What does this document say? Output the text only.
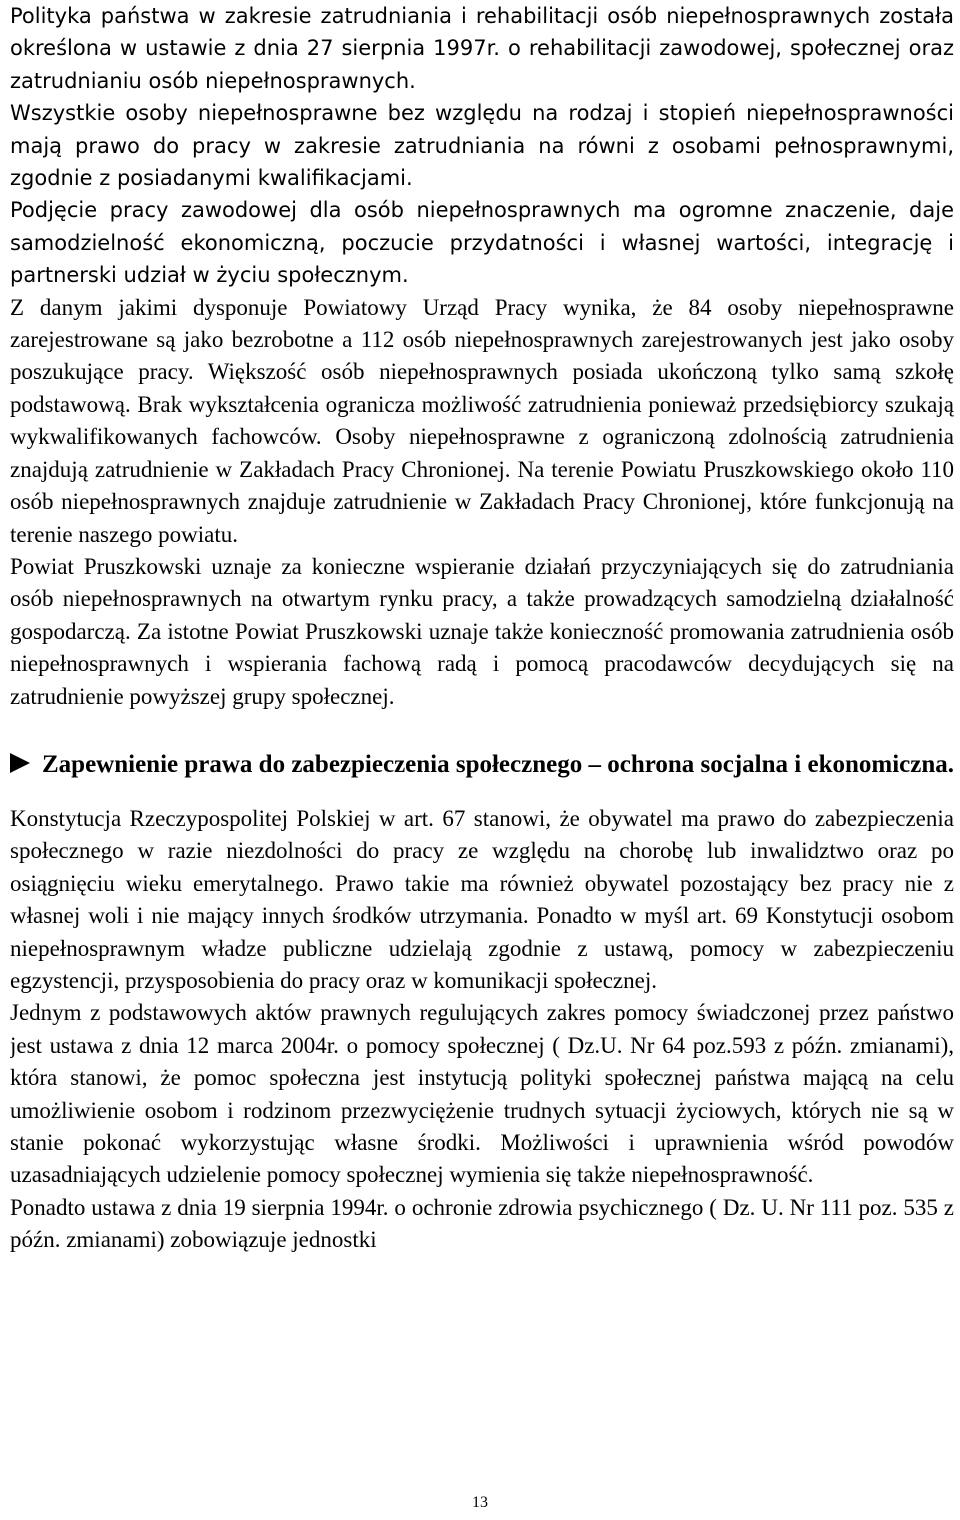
Polityka państwa w zakresie zatrudniania i rehabilitacji osób niepełnosprawnych została określona w ustawie z dnia 27 sierpnia 1997r. o rehabilitacji zawodowej, społecznej oraz zatrudnianiu osób niepełnosprawnych.

Wszystkie osoby niepełnosprawne bez względu na rodzaj i stopień niepełnosprawności mają prawo do pracy w zakresie zatrudniania na równi z osobami pełnosprawnymi, zgodnie z posiadanymi kwalifikacjami.

Podjęcie pracy zawodowej dla osób niepełnosprawnych ma ogromne znaczenie, daje samodzielność ekonomiczną, poczucie przydatności i własnej wartości, integrację i partnerski udział w życiu społecznym.

Z danym jakimi dysponuje Powiatowy Urząd Pracy wynika, że 84 osoby niepełnosprawne zarejestrowane są jako bezrobotne a 112 osób niepełnosprawnych zarejestrowanych jest jako osoby poszukujące pracy. Większość osób niepełnosprawnych posiada ukończoną tylko samą szkołę podstawową. Brak wykształcenia ogranicza możliwość zatrudnienia ponieważ przedsiębiorcy szukają wykwalifikowanych fachowców. Osoby niepełnosprawne z ograniczoną zdolnością zatrudnienia znajdują zatrudnienie w Zakładach Pracy Chronionej. Na terenie Powiatu Pruszkowskiego około 110 osób niepełnosprawnych znajduje zatrudnienie w Zakładach Pracy Chronionej, które funkcjonują na terenie naszego powiatu.

Powiat Pruszkowski uznaje za konieczne wspieranie działań przyczyniających się do zatrudniania osób niepełnosprawnych na otwartym rynku pracy, a także prowadzących samodzielną działalność gospodarczą. Za istotne Powiat Pruszkowski uznaje także konieczność promowania zatrudnienia osób niepełnosprawnych i wspierania fachową radą i pomocą pracodawców decydujących się na zatrudnienie powyższej grupy społecznej.

Zapewnienie prawa do zabezpieczenia społecznego – ochrona socjalna i ekonomiczna.

Konstytucja Rzeczypospolitej Polskiej w art. 67 stanowi, że obywatel ma prawo do zabezpieczenia społecznego w razie niezdolności do pracy ze względu na chorobę lub inwalidztwo oraz po osiągnięciu wieku emerytalnego. Prawo takie ma również obywatel pozostający bez pracy nie z własnej woli i nie mający innych środków utrzymania. Ponadto w myśl art. 69 Konstytucji osobom niepełnosprawnym władze publiczne udzielają zgodnie z ustawą, pomocy w zabezpieczeniu egzystencji, przysposobienia do pracy oraz w komunikacji społecznej.

Jednym z podstawowych aktów prawnych regulujących zakres pomocy świadczonej przez państwo jest ustawa z dnia 12 marca 2004r. o pomocy społecznej ( Dz.U. Nr 64 poz.593 z późn. zmianami), która stanowi, że pomoc społeczna jest instytucją polityki społecznej państwa mającą na celu umożliwienie osobom i rodzinom przezwyciężenie trudnych sytuacji życiowych, których nie są w stanie pokonać wykorzystując własne środki. Możliwości i uprawnienia wśród powodów uzasadniających udzielenie pomocy społecznej wymienia się także niepełnosprawność.

Ponadto ustawa z dnia 19 sierpnia 1994r. o ochronie zdrowia psychicznego ( Dz. U. Nr 111 poz. 535 z późn. zmianami) zobowiązuje jednostki

13
